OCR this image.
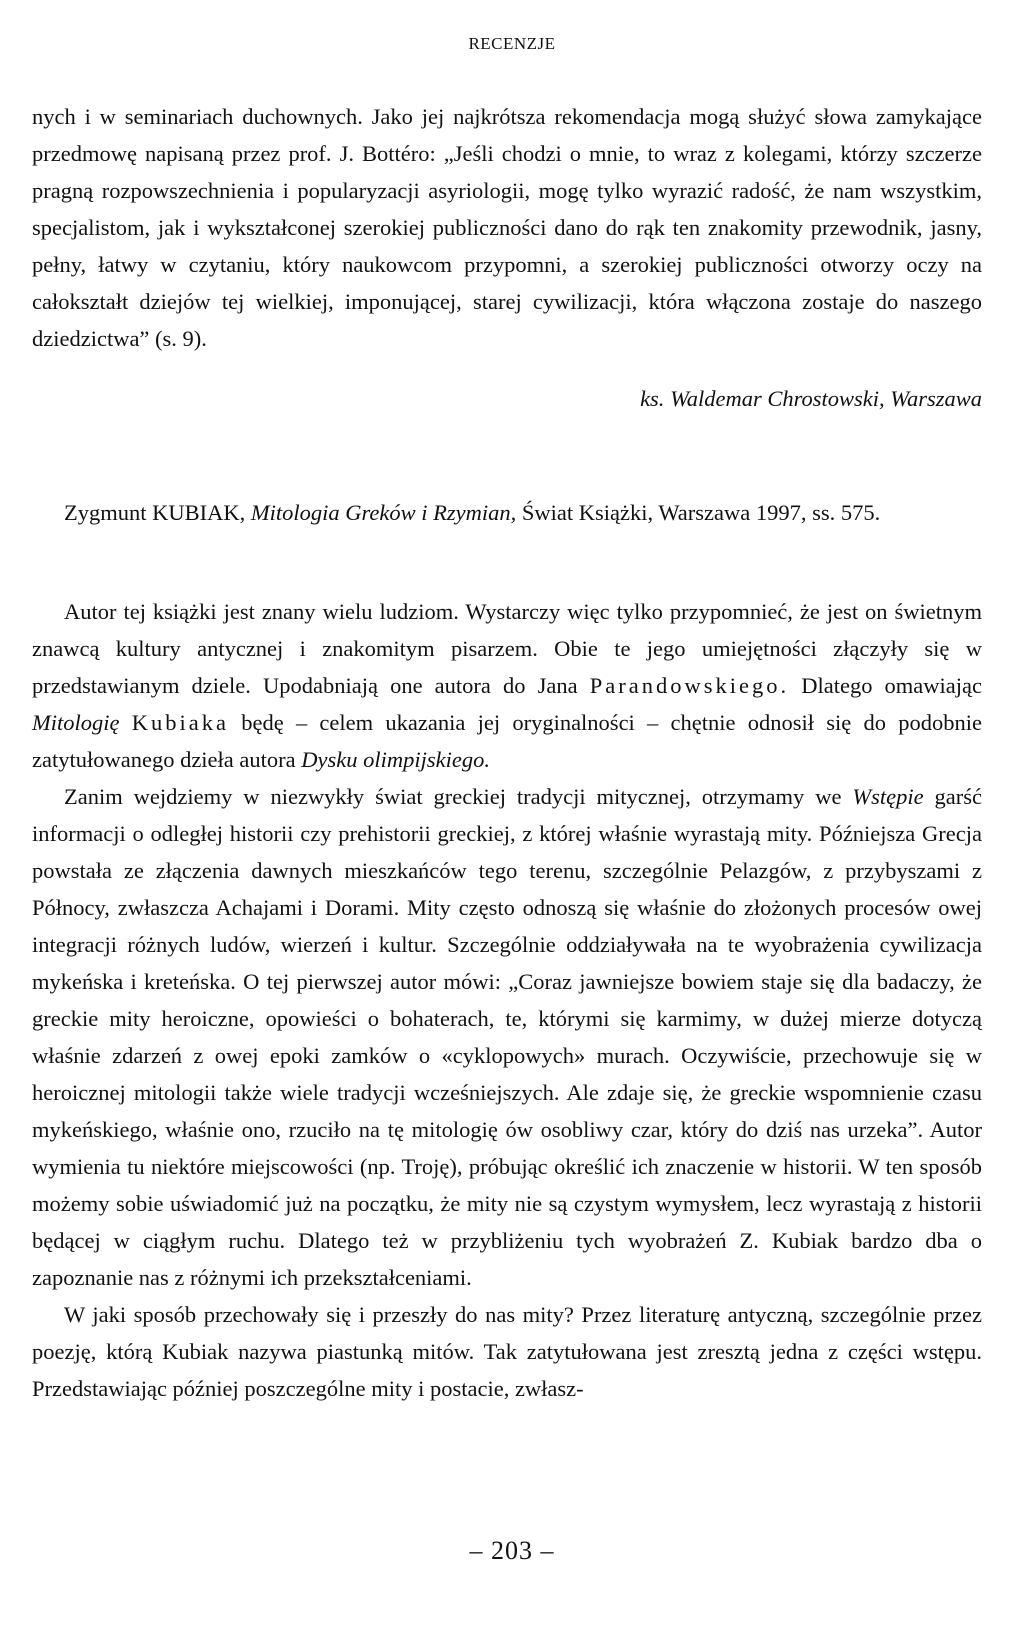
RECENZJE

nych i w seminariach duchownych. Jako jej najkrótsza rekomendacja mogą służyć słowa zamykające przedmowę napisaną przez prof. J. Bottéro: „Jeśli chodzi o mnie, to wraz z kolegami, którzy szczerze pragną rozpowszechnienia i popularyzacji asyriologii, mogę tylko wyrazić radość, że nam wszystkim, specjalistom, jak i wykształconej szerokiej publiczności dano do rąk ten znakomity przewodnik, jasny, pełny, łatwy w czytaniu, który naukowcom przypomni, a szerokiej publiczności otworzy oczy na całokształt dziejów tej wielkiej, imponującej, starej cywilizacji, która włączona zostaje do naszego dziedzictwa” (s. 9).

ks. Waldemar Chrostowski, Warszawa
Zygmunt KUBIAK, Mitologia Greków i Rzymian, Świat Książki, Warszawa 1997, ss. 575.

Autor tej książki jest znany wielu ludziom. Wystarczy więc tylko przypomnieć, że jest on świetnym znawcą kultury antycznej i znakomitym pisarzem. Obie te jego umiejętności złączyły się w przedstawianym dziele. Upodabniają one autora do Jana Parandowskiego. Dlatego omawiając Mitologię Kubiaka będę – celem ukazania jej oryginalności – chętnie odnosił się do podobnie zatytułowanego dzieła autora Dysku olimpijskiego.

Zanim wejdziemy w niezwykły świat greckiej tradycji mitycznej, otrzymamy we Wstępie garść informacji o odległej historii czy prehistorii greckiej, z której właśnie wyrastają mity. Późniejsza Grecja powstała ze złączenia dawnych mieszkańców tego terenu, szczególnie Pelazgów, z przybyszami z Północy, zwłaszcza Achajami i Dorami. Mity często odnoszą się właśnie do złożonych procesów owej integracji różnych ludów, wierzeń i kultur. Szczególnie oddziaływała na te wyobrażenia cywilizacja mykeńska i kreteńska. O tej pierwszej autor mówi: „Coraz jawniejsze bowiem staje się dla badaczy, że greckie mity heroiczne, opowieści o bohaterach, te, którymi się karmimy, w dużej mierze dotyczą właśnie zdarzeń z owej epoki zamków o «cyklopowych» murach. Oczywiście, przechowuje się w heroicznej mitologii także wiele tradycji wcześniejszych. Ale zdaje się, że greckie wspomnienie czasu mykeńskiego, właśnie ono, rzuciło na tę mitologię ów osobliwy czar, który do dziś nas urzeka”. Autor wymienia tu niektóre miejscowości (np. Troję), próbując określić ich znaczenie w historii. W ten sposób możemy sobie uświadomić już na początku, że mity nie są czystym wymysłem, lecz wyrastają z historii będącej w ciągłym ruchu. Dlatego też w przybliżeniu tych wyobrażeń Z. Kubiak bardzo dba o zapoznanie nas z różnymi ich przekształceniami.

W jaki sposób przechowały się i przeszły do nas mity? Przez literaturę antyczną, szczególnie przez poezję, którą Kubiak nazywa piastunką mitów. Tak zatytułowana jest zresztą jedna z części wstępu. Przedstawiając później poszczególne mity i postacie, zwłasz-

– 203 –
